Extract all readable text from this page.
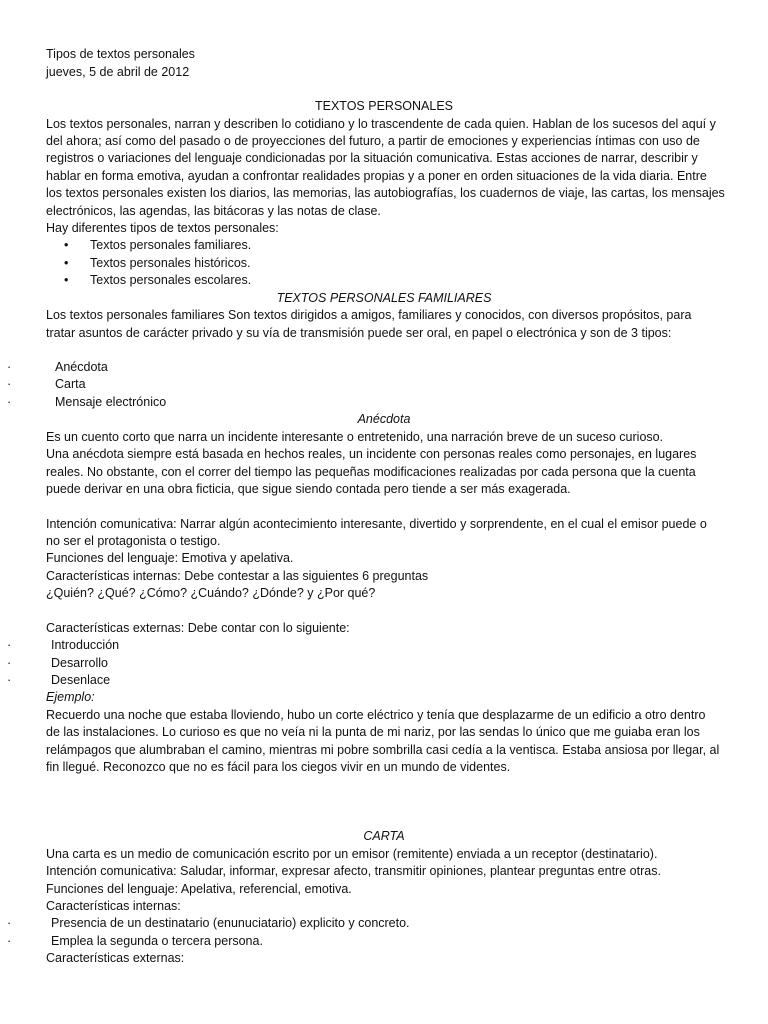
Tipos de textos personales
jueves, 5 de abril de 2012
TEXTOS PERSONALES
Los textos personales, narran y describen lo cotidiano y lo trascendente de cada quien. Hablan de los sucesos del aquí y
del ahora; así como del pasado o de proyecciones del futuro, a partir de emociones y experiencias íntimas con uso de
registros o variaciones del lenguaje condicionadas por la situación comunicativa. Estas acciones de narrar, describir y
hablar en forma emotiva, ayudan a confrontar realidades propias y a poner en orden situaciones de la vida diaria. Entre
los textos personales existen los diarios, las memorias, las autobiografías, los cuadernos de viaje, las cartas, los mensajes
electrónicos, las agendas, las bitácoras y las notas de clase.
Hay diferentes tipos de textos personales:
• Textos personales familiares.
• Textos personales históricos.
• Textos personales escolares.
TEXTOS PERSONALES FAMILIARES
Los textos personales familiares Son textos dirigidos a amigos, familiares y conocidos, con diversos propósitos, para
tratar asuntos de carácter privado y su vía de transmisión puede ser oral, en papel o electrónica y son de 3 tipos:
·	Anécdota
·	Carta
·	Mensaje electrónico
Anécdota
Es un cuento corto que narra un incidente interesante o entretenido, una narración breve de un suceso curioso.
Una anécdota siempre está basada en hechos reales, un incidente con personas reales como personajes, en lugares
reales. No obstante, con el correr del tiempo las pequeñas modificaciones realizadas por cada persona que la cuenta
puede derivar en una obra ficticia, que sigue siendo contada pero tiende a ser más exagerada.
Intención comunicativa: Narrar algún acontecimiento interesante, divertido y sorprendente, en el cual el emisor puede o
no ser el protagonista o testigo.
Funciones del lenguaje: Emotiva y apelativa.
Características internas: Debe contestar a las siguientes 6 preguntas
¿Quién? ¿Qué? ¿Cómo? ¿Cuándo? ¿Dónde? y ¿Por qué?
Características externas: Debe contar con lo siguiente:
·	Introducción
·	Desarrollo
·	Desenlace
Ejemplo:
Recuerdo una noche que estaba lloviendo, hubo un corte eléctrico y tenía que desplazarme de un edificio a otro dentro
de las instalaciones. Lo curioso es que no veía ni la punta de mi nariz, por las sendas lo único que me guiaba eran los
relámpagos que alumbraban el camino, mientras mi pobre sombrilla casi cedía a la ventisca. Estaba ansiosa por llegar, al
fin llegué. Reconozco que no es fácil para los ciegos vivir en un mundo de videntes.
CARTA
Una carta es un medio de comunicación escrito por un emisor (remitente) enviada a un receptor (destinatario).
Intención comunicativa: Saludar, informar, expresar afecto, transmitir opiniones, plantear preguntas entre otras.
Funciones del lenguaje: Apelativa, referencial, emotiva.
Características internas:
·	Presencia de un destinatario (enunuciatario) explicito y concreto.
·	Emplea la segunda o tercera persona.
Características externas:
